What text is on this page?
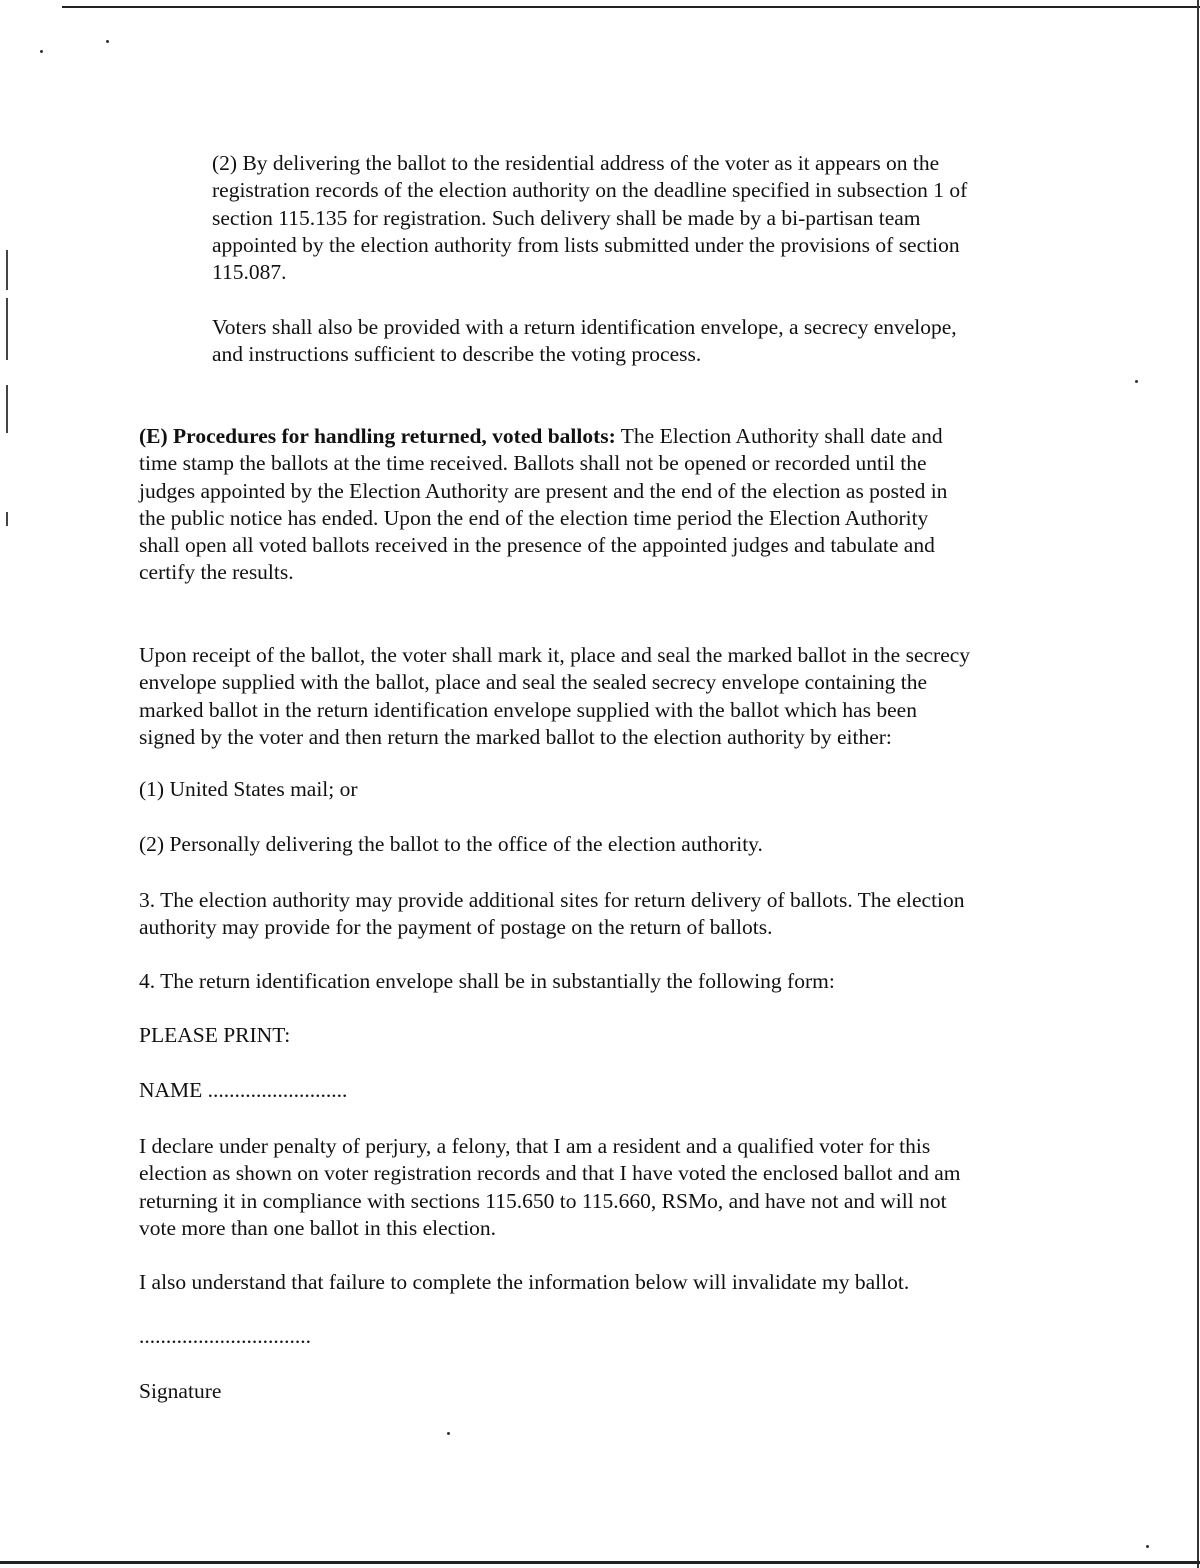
(2) By delivering the ballot to the residential address of the voter as it appears on the
registration records of the election authority on the deadline specified in subsection 1 of
section 115.135 for registration. Such delivery shall be made by a bi-partisan team
appointed by the election authority from lists submitted under the provisions of section
115.087.
Voters shall also be provided with a return identification envelope, a secrecy envelope,
and instructions sufficient to describe the voting process.
(E) Procedures for handling returned, voted ballots: The Election Authority shall date and
time stamp the ballots at the time received. Ballots shall not be opened or recorded until the
judges appointed by the Election Authority are present and the end of the election as posted in
the public notice has ended. Upon the end of the election time period the Election Authority
shall open all voted ballots received in the presence of the appointed judges and tabulate and
certify the results.
Upon receipt of the ballot, the voter shall mark it, place and seal the marked ballot in the secrecy
envelope supplied with the ballot, place and seal the sealed secrecy envelope containing the
marked ballot in the return identification envelope supplied with the ballot which has been
signed by the voter and then return the marked ballot to the election authority by either:
(1) United States mail; or
(2) Personally delivering the ballot to the office of the election authority.
3. The election authority may provide additional sites for return delivery of ballots. The election
authority may provide for the payment of postage on the return of ballots.
4. The return identification envelope shall be in substantially the following form:
PLEASE PRINT:
NAME ..........................
I declare under penalty of perjury, a felony, that I am a resident and a qualified voter for this
election as shown on voter registration records and that I have voted the enclosed ballot and am
returning it in compliance with sections 115.650 to 115.660, RSMo, and have not and will not
vote more than one ballot in this election.
I also understand that failure to complete the information below will invalidate my ballot.
................................
Signature
